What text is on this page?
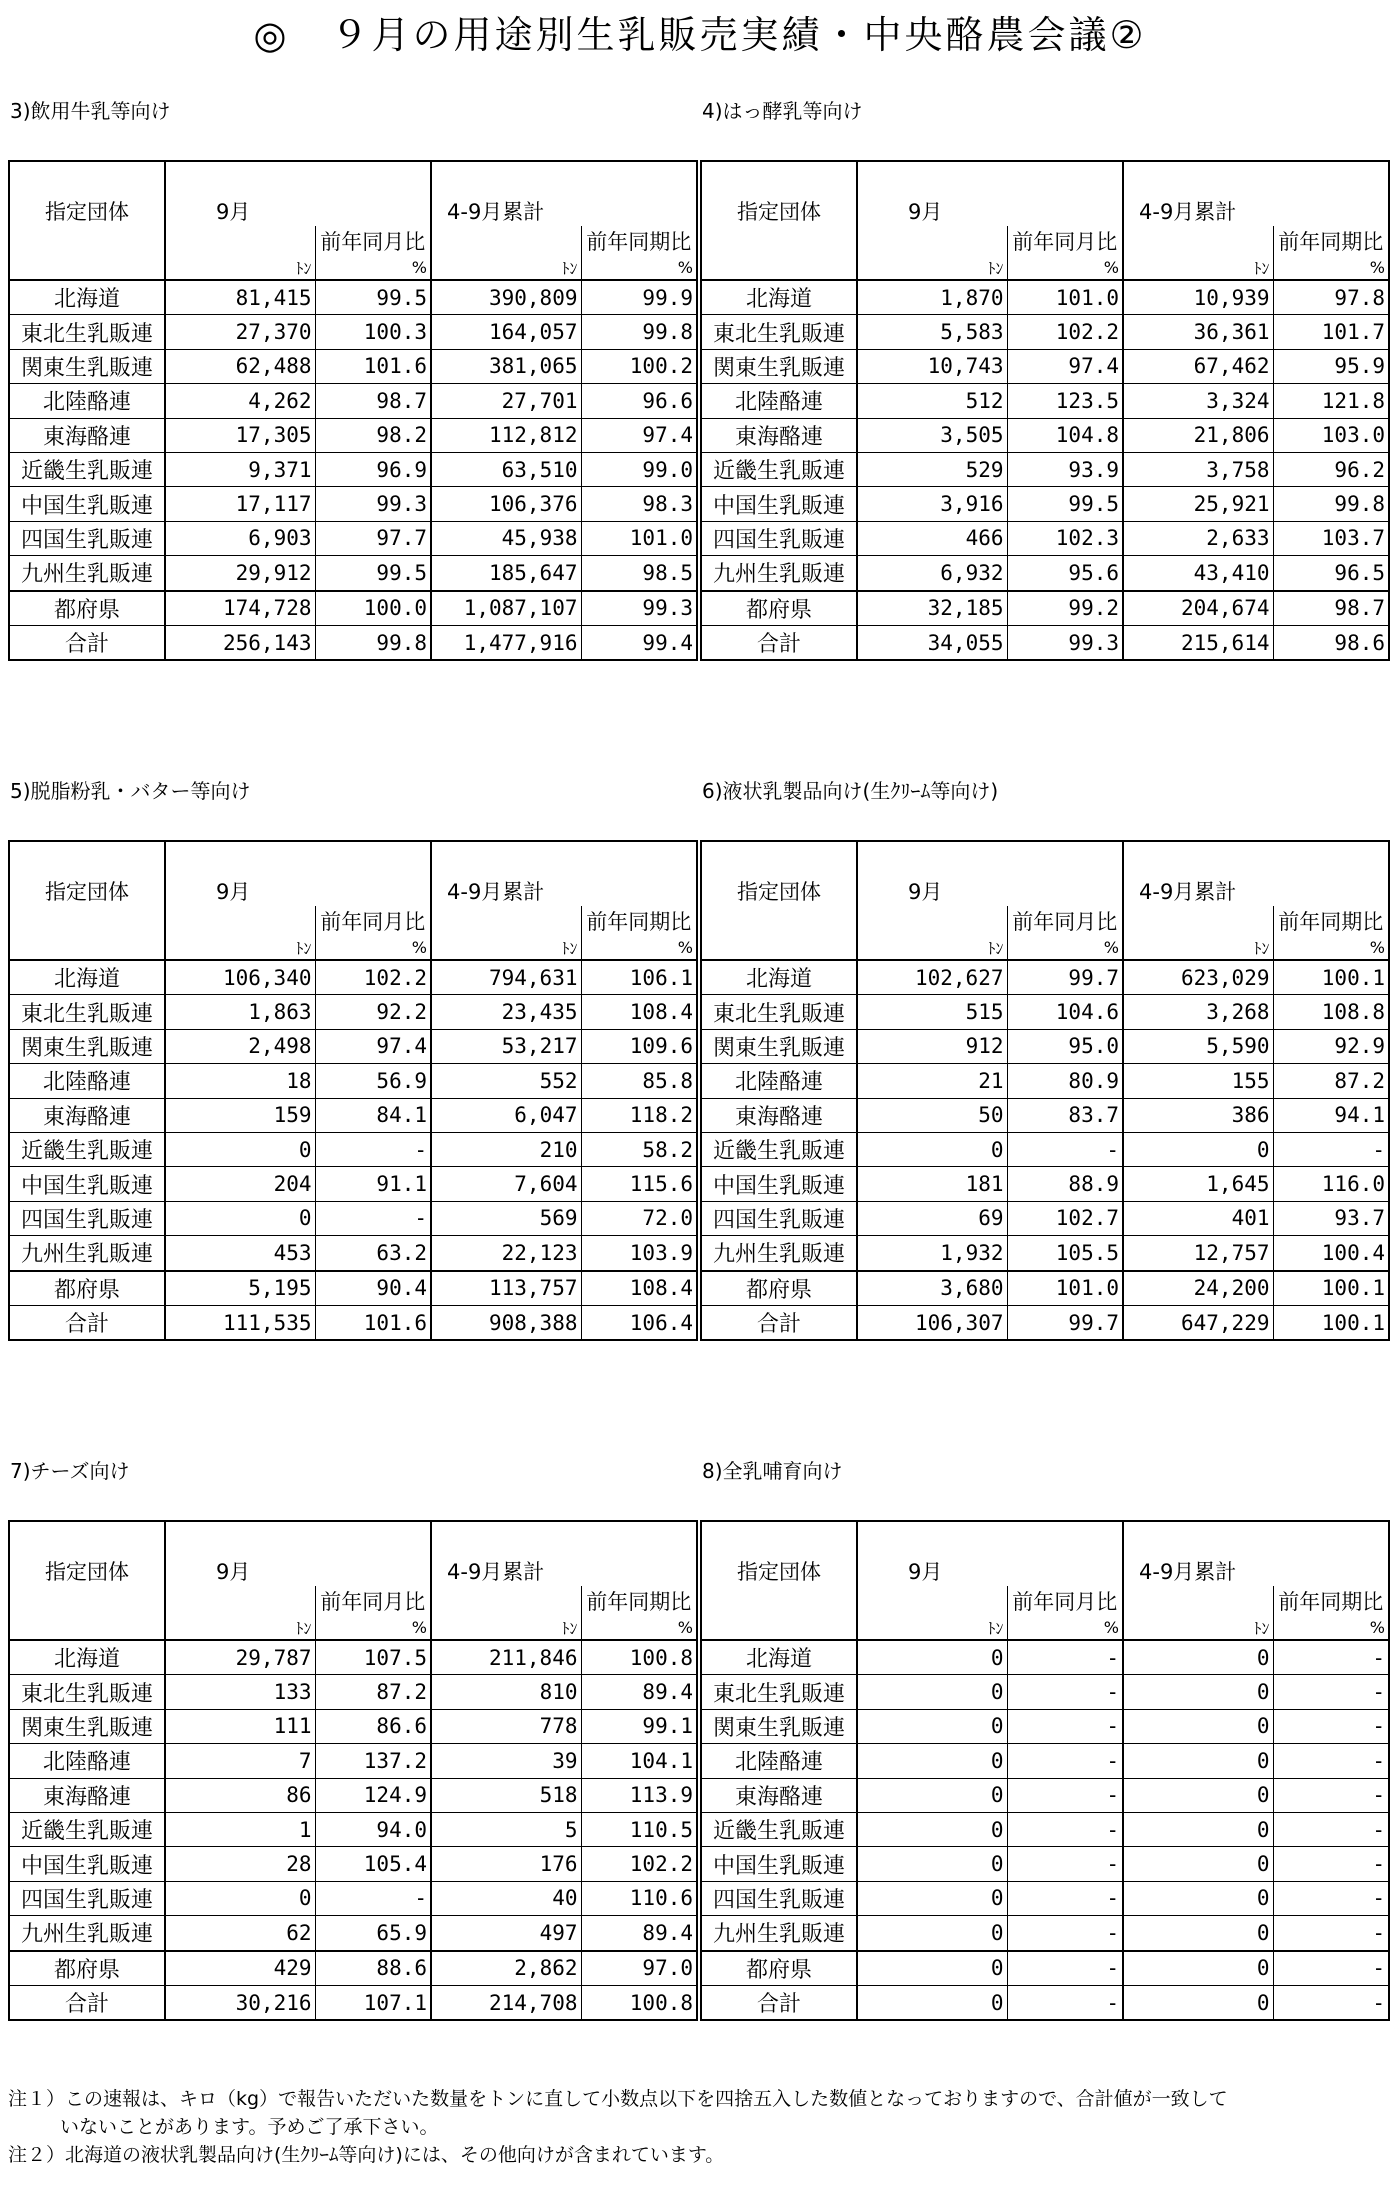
◎　９月の用途別生乳販売実績・中央酪農会議②
注１）この速報は、キロ（kg）で報告いただいた数量をトンに直して小数点以下を四捨五入した数値となっておりますので、合計値が一致して
いないことがあります。予めご了承下さい。
注２）北海道の液状乳製品向け(生ｸﾘｰﾑ等向け)には、その他向けが含まれています。
3)飲用牛乳等向け

指定団体	9月		4-9月累計	
		前年同月比		前年同期比
	ﾄﾝ	%	ﾄﾝ	%
北海道	81,415	99.5	390,809	99.9
東北生乳販連	27,370	100.3	164,057	99.8
関東生乳販連	62,488	101.6	381,065	100.2
北陸酪連	4,262	98.7	27,701	96.6
東海酪連	17,305	98.2	112,812	97.4
近畿生乳販連	9,371	96.9	63,510	99.0
中国生乳販連	17,117	99.3	106,376	98.3
四国生乳販連	6,903	97.7	45,938	101.0
九州生乳販連	29,912	99.5	185,647	98.5
都府県	174,728	100.0	1,087,107	99.3
合計	256,143	99.8	1,477,916	99.4
4)はっ酵乳等向け

指定団体	9月		4-9月累計	
		前年同月比		前年同期比
	ﾄﾝ	%	ﾄﾝ	%
北海道	1,870	101.0	10,939	97.8
東北生乳販連	5,583	102.2	36,361	101.7
関東生乳販連	10,743	97.4	67,462	95.9
北陸酪連	512	123.5	3,324	121.8
東海酪連	3,505	104.8	21,806	103.0
近畿生乳販連	529	93.9	3,758	96.2
中国生乳販連	3,916	99.5	25,921	99.8
四国生乳販連	466	102.3	2,633	103.7
九州生乳販連	6,932	95.6	43,410	96.5
都府県	32,185	99.2	204,674	98.7
合計	34,055	99.3	215,614	98.6
5)脱脂粉乳・バター等向け

指定団体	9月		4-9月累計	
		前年同月比		前年同期比
	ﾄﾝ	%	ﾄﾝ	%
北海道	106,340	102.2	794,631	106.1
東北生乳販連	1,863	92.2	23,435	108.4
関東生乳販連	2,498	97.4	53,217	109.6
北陸酪連	18	56.9	552	85.8
東海酪連	159	84.1	6,047	118.2
近畿生乳販連	0	-	210	58.2
中国生乳販連	204	91.1	7,604	115.6
四国生乳販連	0	-	569	72.0
九州生乳販連	453	63.2	22,123	103.9
都府県	5,195	90.4	113,757	108.4
合計	111,535	101.6	908,388	106.4
6)液状乳製品向け(生ｸﾘｰﾑ等向け)

指定団体	9月		4-9月累計	
		前年同月比		前年同期比
	ﾄﾝ	%	ﾄﾝ	%
北海道	102,627	99.7	623,029	100.1
東北生乳販連	515	104.6	3,268	108.8
関東生乳販連	912	95.0	5,590	92.9
北陸酪連	21	80.9	155	87.2
東海酪連	50	83.7	386	94.1
近畿生乳販連	0	-	0	-
中国生乳販連	181	88.9	1,645	116.0
四国生乳販連	69	102.7	401	93.7
九州生乳販連	1,932	105.5	12,757	100.4
都府県	3,680	101.0	24,200	100.1
合計	106,307	99.7	647,229	100.1
7)チーズ向け

指定団体	9月		4-9月累計	
		前年同月比		前年同期比
	ﾄﾝ	%	ﾄﾝ	%
北海道	29,787	107.5	211,846	100.8
東北生乳販連	133	87.2	810	89.4
関東生乳販連	111	86.6	778	99.1
北陸酪連	7	137.2	39	104.1
東海酪連	86	124.9	518	113.9
近畿生乳販連	1	94.0	5	110.5
中国生乳販連	28	105.4	176	102.2
四国生乳販連	0	-	40	110.6
九州生乳販連	62	65.9	497	89.4
都府県	429	88.6	2,862	97.0
合計	30,216	107.1	214,708	100.8
8)全乳哺育向け

指定団体	9月		4-9月累計	
		前年同月比		前年同期比
	ﾄﾝ	%	ﾄﾝ	%
北海道	0	-	0	-
東北生乳販連	0	-	0	-
関東生乳販連	0	-	0	-
北陸酪連	0	-	0	-
東海酪連	0	-	0	-
近畿生乳販連	0	-	0	-
中国生乳販連	0	-	0	-
四国生乳販連	0	-	0	-
九州生乳販連	0	-	0	-
都府県	0	-	0	-
合計	0	-	0	-
